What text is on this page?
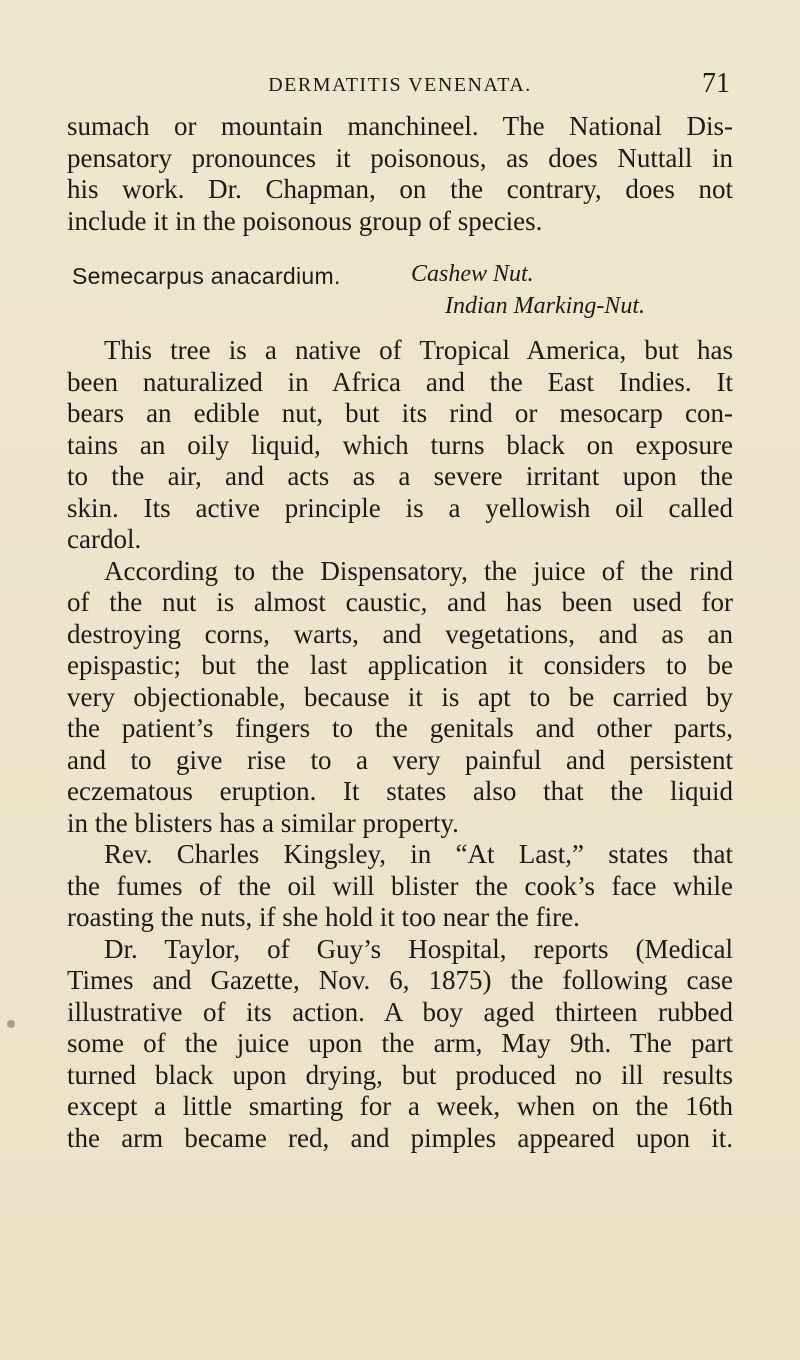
DERMATITIS VENENATA.	71
sumach or mountain manchineel. The National Dis-
pensatory pronounces it poisonous, as does Nuttall in
his work. Dr. Chapman, on the contrary, does not
include it in the poisonous group of species.
Semecarpus anacardium.	Cashew Nut.
Indian Marking-Nut.
This tree is a native of Tropical America, but has
been naturalized in Africa and the East Indies. It
bears an edible nut, but its rind or mesocarp con-
tains an oily liquid, which turns black on exposure
to the air, and acts as a severe irritant upon the
skin. Its active principle is a yellowish oil called
cardol.
According to the Dispensatory, the juice of the rind
of the nut is almost caustic, and has been used for
destroying corns, warts, and vegetations, and as an
epispastic; but the last application it considers to be
very objectionable, because it is apt to be carried by
the patient’s fingers to the genitals and other parts,
and to give rise to a very painful and persistent
eczematous eruption. It states also that the liquid
in the blisters has a similar property.
Rev. Charles Kingsley, in “At Last,” states that
the fumes of the oil will blister the cook’s face while
roasting the nuts, if she hold it too near the fire.
Dr. Taylor, of Guy’s Hospital, reports (Medical
Times and Gazette, Nov. 6, 1875) the following case
illustrative of its action. A boy aged thirteen rubbed
some of the juice upon the arm, May 9th. The part
turned black upon drying, but produced no ill results
except a little smarting for a week, when on the 16th
the arm became red, and pimples appeared upon it.
